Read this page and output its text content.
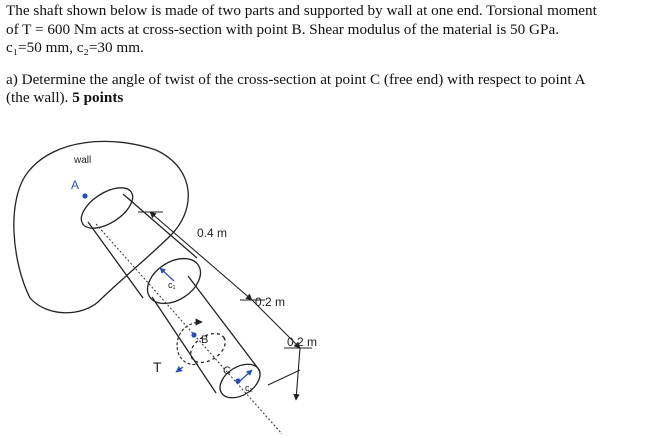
The shaft shown below is made of two parts and supported by wall at one end. Torsional moment

of T = 600 Nm acts at cross-section with point B. Shear modulus of the material is 50 GPa.

c₁=50 mm, c₂=30 mm.

a) Determine the angle of twist of the cross-section at point C (free end) with respect to point A

(the wall). 5 points

wall
A
B
C
c₁
c₂
T
0.4 m
0.2 m
0.2 m
